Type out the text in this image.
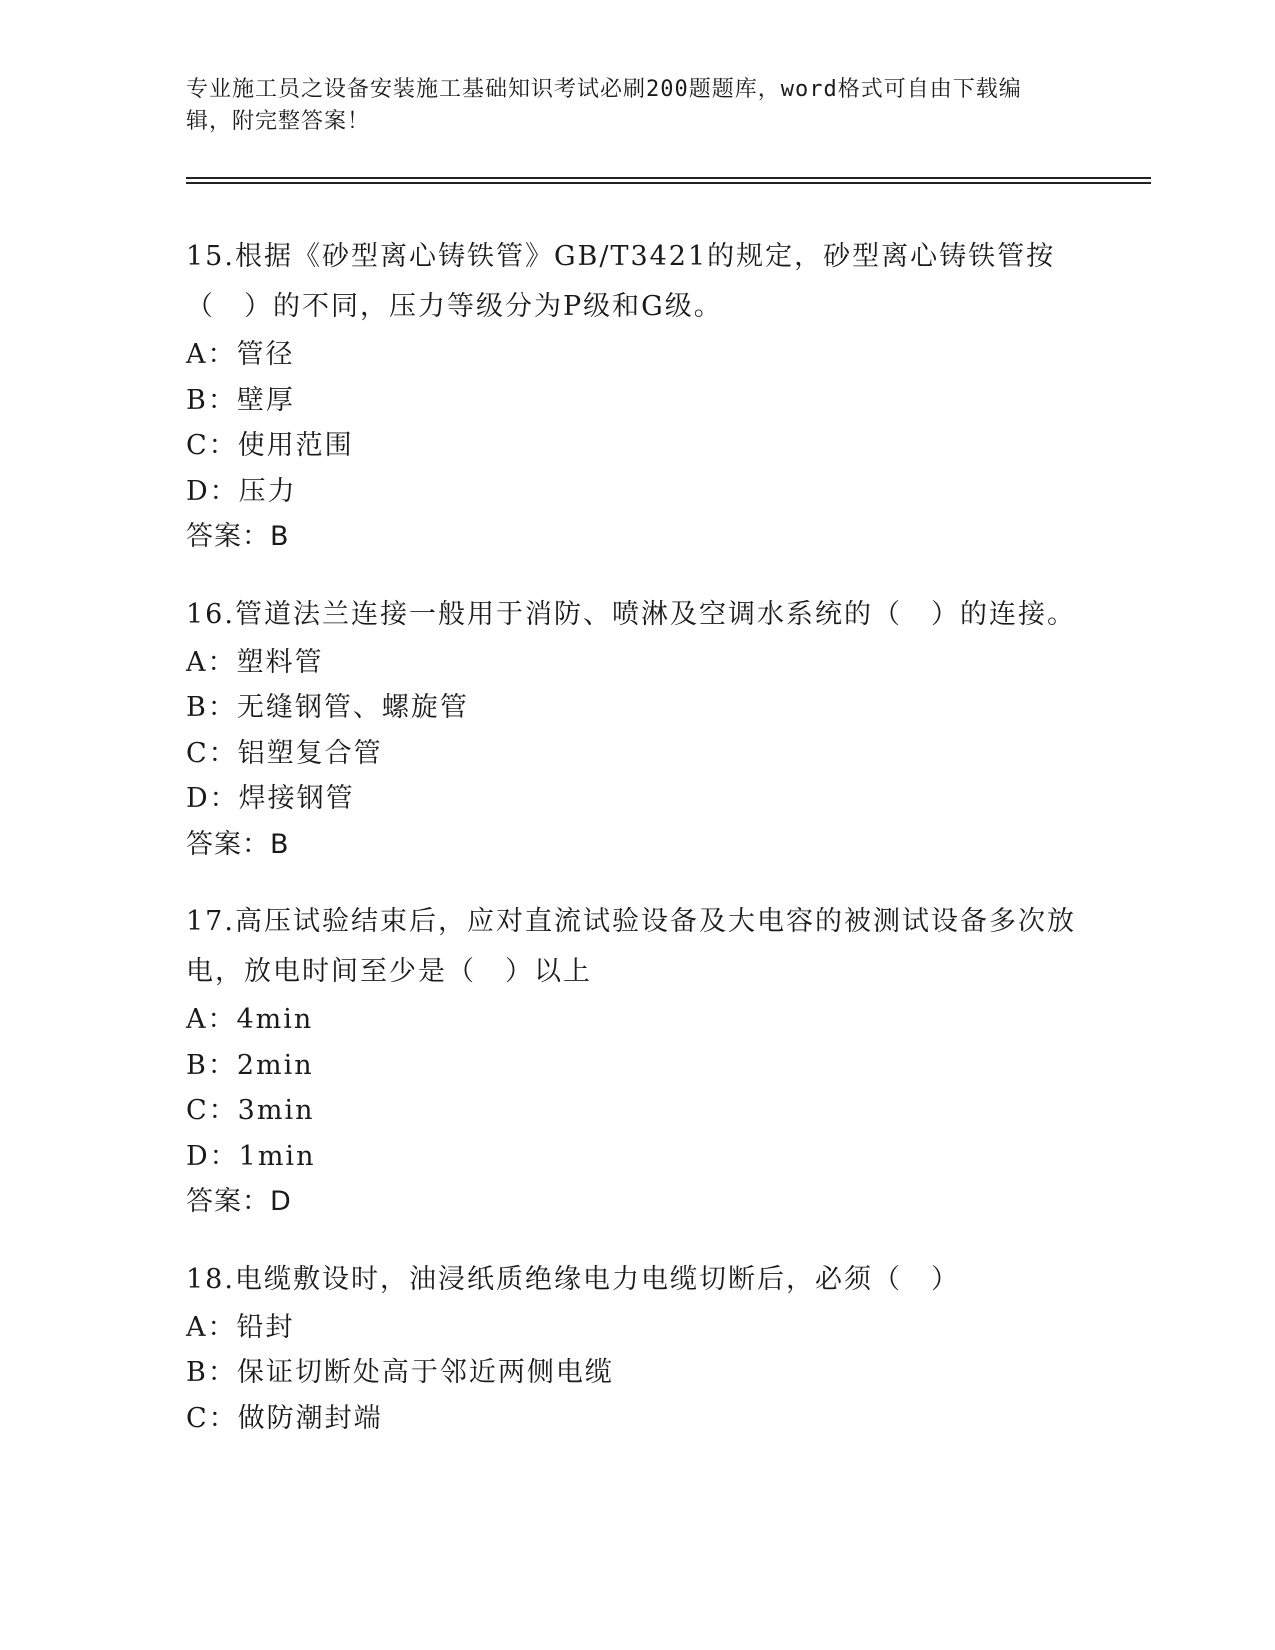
专业施工员之设备安装施工基础知识考试必刷200题题库，word格式可自由下载编辑，附完整答案！

15.根据《砂型离心铸铁管》GB/T3421的规定，砂型离心铸铁管按（　）的不同，压力等级分为P级和G级。

A：管径
B：壁厚
C：使用范围
D：压力
答案：B

16.管道法兰连接一般用于消防、喷淋及空调水系统的（　）的连接。

A：塑料管
B：无缝钢管、螺旋管
C：铝塑复合管
D：焊接钢管
答案：B

17.高压试验结束后，应对直流试验设备及大电容的被测试设备多次放电，放电时间至少是（　）以上

A：4min
B：2min
C：3min
D：1min
答案：D

18.电缆敷设时，油浸纸质绝缘电力电缆切断后，必须（　）

A：铅封
B：保证切断处高于邻近两侧电缆
C：做防潮封端
